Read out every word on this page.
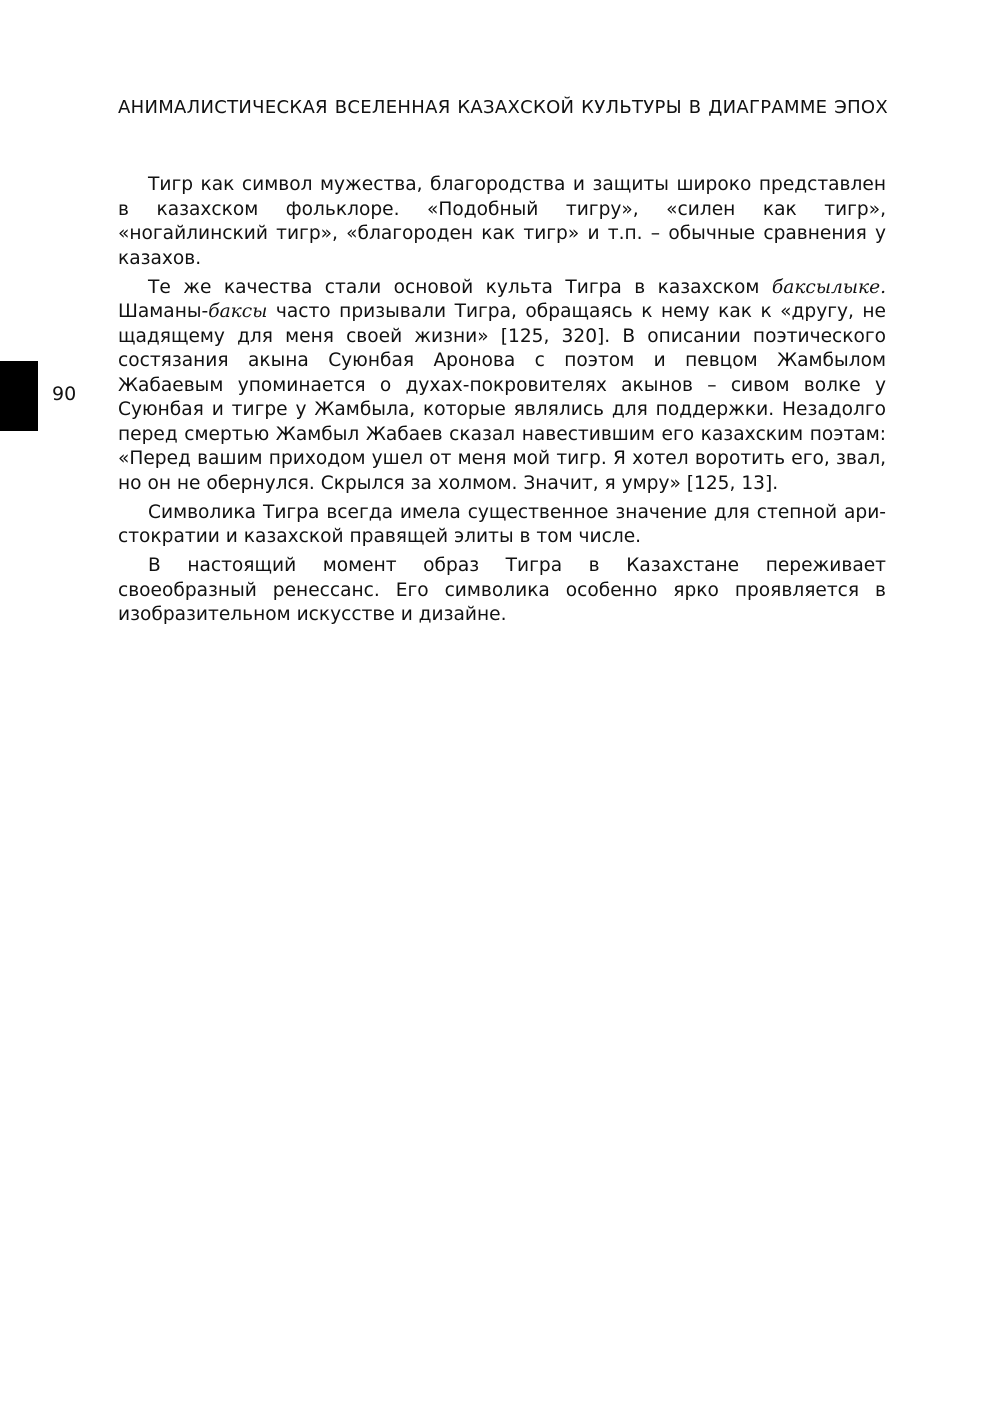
АНИМАЛИСТИЧЕСКАЯ ВСЕЛЕННАЯ КАЗАХСКОЙ КУЛЬТУРЫ В ДИАГРАММЕ ЭПОХ
90

Тигр как символ мужества, благородства и защиты широко представлен в казахском фольклоре. «Подобный тигру», «силен как тигр», «ногайлинский тигр», «благороден как тигр» и т.п. – обычные сравнения у казахов.

Те же качества стали основой культа Тигра в казахском баксылыке. Шаманы-баксы часто призывали Тигра, обращаясь к нему как к «другу, не щадящему для меня своей жизни» [125, 320]. В описании поэтического состязания акына Суюнбая Аронова с поэтом и певцом Жамбылом Жабаевым упоминается о духах-покровителях акынов – сивом волке у Суюнбая и тигре у Жамбыла, которые являлись для поддержки. Незадолго перед смертью Жамбыл Жабаев сказал навестившим его казахским поэтам: «Перед вашим приходом ушел от меня мой тигр. Я хотел воротить его, звал, но он не обернулся. Скрылся за холмом. Значит, я умру» [125, 13].

Символика Тигра всегда имела существенное значение для степной аристократии и казахской правящей элиты в том числе.

В настоящий момент образ Тигра в Казахстане переживает своеобразный ренессанс. Его символика особенно ярко проявляется в изобразительном искусстве и дизайне.
